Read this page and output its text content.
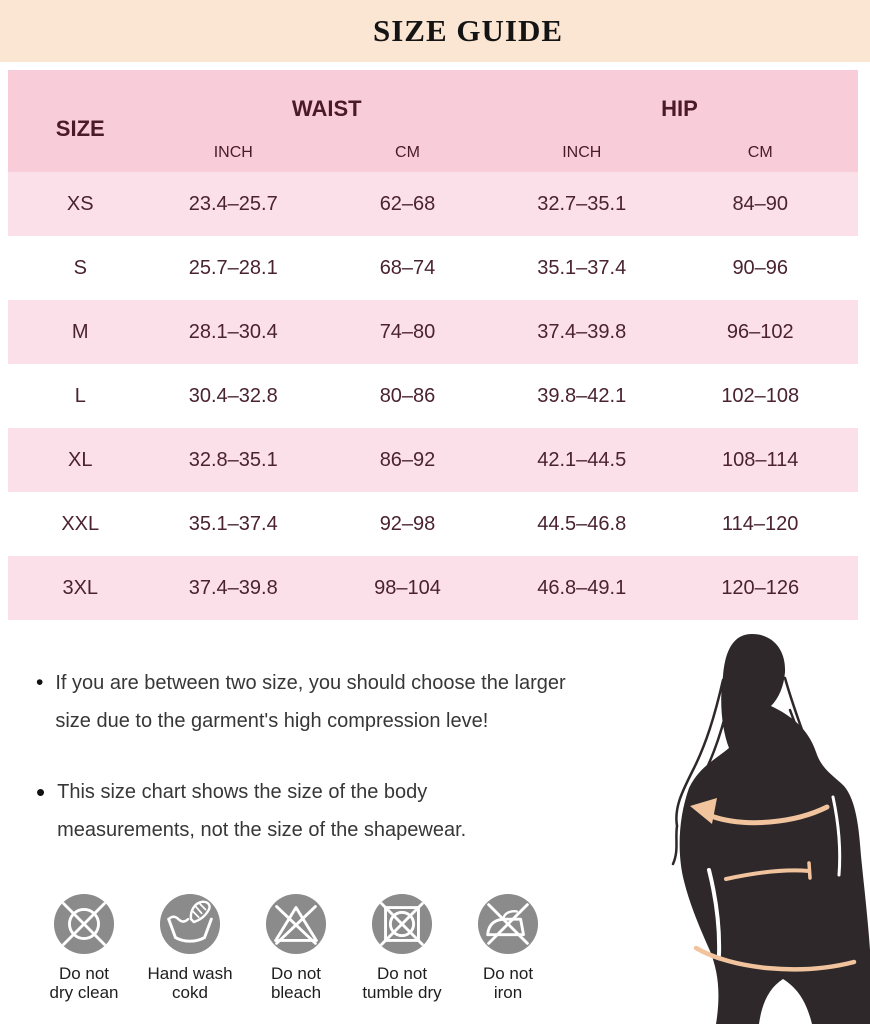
SIZE GUIDE
SIZE
WAIST	HIP
INCH	CM	INCH	CM
XS	23.4–25.7	62–68	32.7–35.1	84–90
S	25.7–28.1	68–74	35.1–37.4	90–96
M	28.1–30.4	74–80	37.4–39.8	96–102
L	30.4–32.8	80–86	39.8–42.1	102–108
XL	32.8–35.1	86–92	42.1–44.5	108–114
XXL	35.1–37.4	92–98	44.5–46.8	114–120
3XL	37.4–39.8	98–104	46.8–49.1	120–126
• If you are between two size, you should choose the larger
size due to the garment's high compression leve!
• This size chart shows the size of the body
measurements, not the size of the shapewear.
Do not
dry clean
Hand wash
cokd
Do not
bleach
Do not
tumble dry
Do not
iron
